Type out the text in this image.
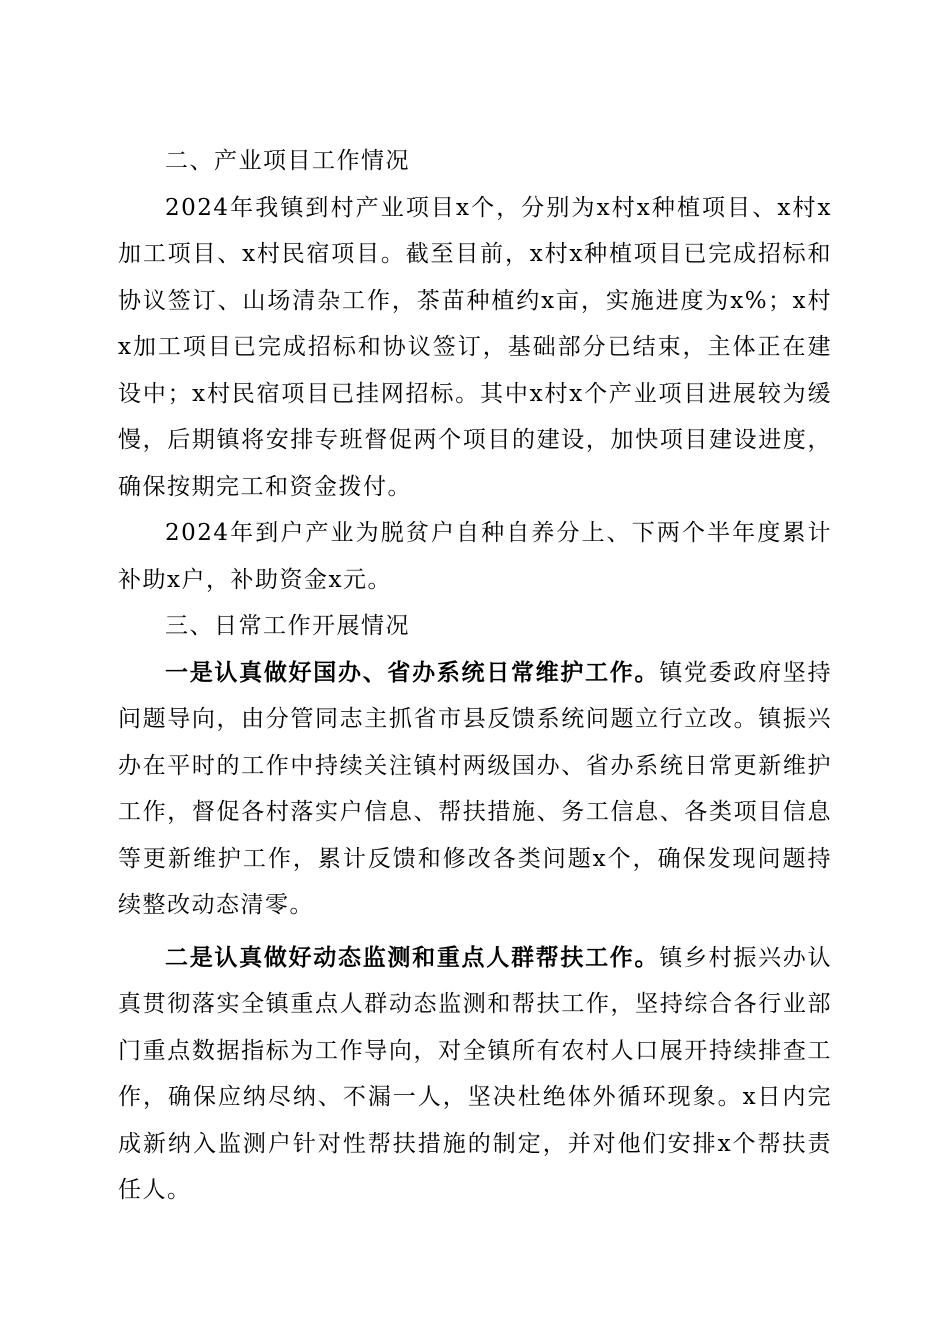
二、产业项目工作情况

2024年我镇到村产业项目x个，分别为x村x种植项目、x村x加工项目、x村民宿项目。截至目前，x村x种植项目已完成招标和协议签订、山场清杂工作，茶苗种植约x亩，实施进度为x%；x村x加工项目已完成招标和协议签订，基础部分已结束，主体正在建设中；x村民宿项目已挂网招标。其中x村x个产业项目进展较为缓慢，后期镇将安排专班督促两个项目的建设，加快项目建设进度，确保按期完工和资金拨付。

2024年到户产业为脱贫户自种自养分上、下两个半年度累计补助x户，补助资金x元。

三、日常工作开展情况

一是认真做好国办、省办系统日常维护工作。镇党委政府坚持问题导向，由分管同志主抓省市县反馈系统问题立行立改。镇振兴办在平时的工作中持续关注镇村两级国办、省办系统日常更新维护工作，督促各村落实户信息、帮扶措施、务工信息、各类项目信息等更新维护工作，累计反馈和修改各类问题x个，确保发现问题持续整改动态清零。

二是认真做好动态监测和重点人群帮扶工作。镇乡村振兴办认真贯彻落实全镇重点人群动态监测和帮扶工作，坚持综合各行业部门重点数据指标为工作导向，对全镇所有农村人口展开持续排查工作，确保应纳尽纳、不漏一人，坚决杜绝体外循环现象。x日内完成新纳入监测户针对性帮扶措施的制定，并对他们安排x个帮扶责任人。
